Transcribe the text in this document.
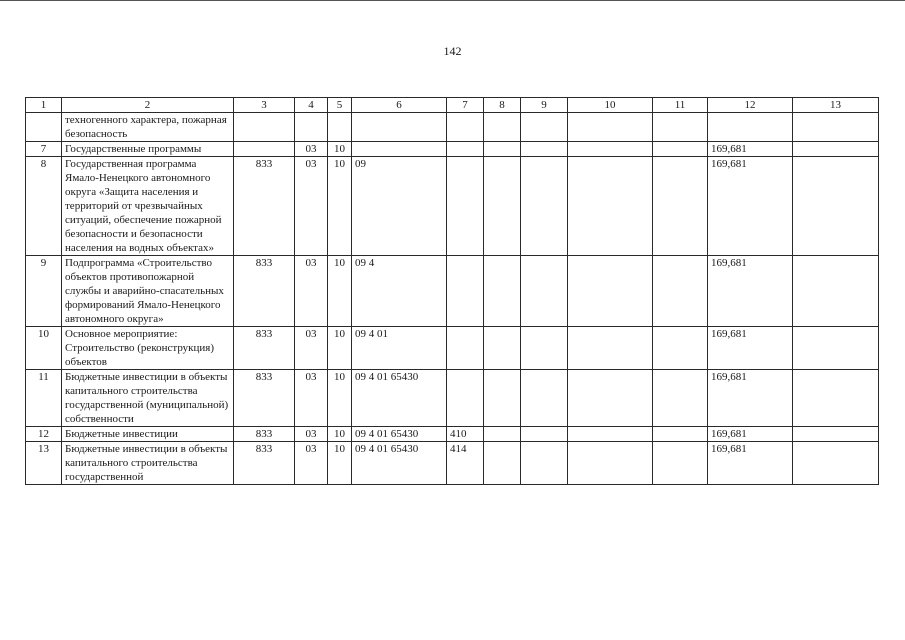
142
1	2	3	4	5	6	7	8	9	10	11	12	13
	техногенного характера, пожарная безопасность											
7	Государственные программы		03	10							169,681	
8	Государственная программа Ямало-Ненецкого автономного округа «Защита населения и территорий от чрезвычайных ситуаций, обеспечение пожарной безопасности и безопасности населения на водных объектах»	833	03	10	09						169,681	
9	Подпрограмма «Строительство объектов противопожарной службы и аварийно-спасательных формирований Ямало-Ненецкого автономного округа»	833	03	10	09 4						169,681	
10	Основное мероприятие: Строительство (реконструкция) объектов	833	03	10	09 4 01						169,681	
11	Бюджетные инвестиции в объекты капитального строительства государственной (муниципальной) собственности	833	03	10	09 4 01 65430						169,681	
12	Бюджетные инвестиции	833	03	10	09 4 01 65430	410					169,681	
13	Бюджетные инвестиции в объекты капитального строительства государственной	833	03	10	09 4 01 65430	414					169,681	
